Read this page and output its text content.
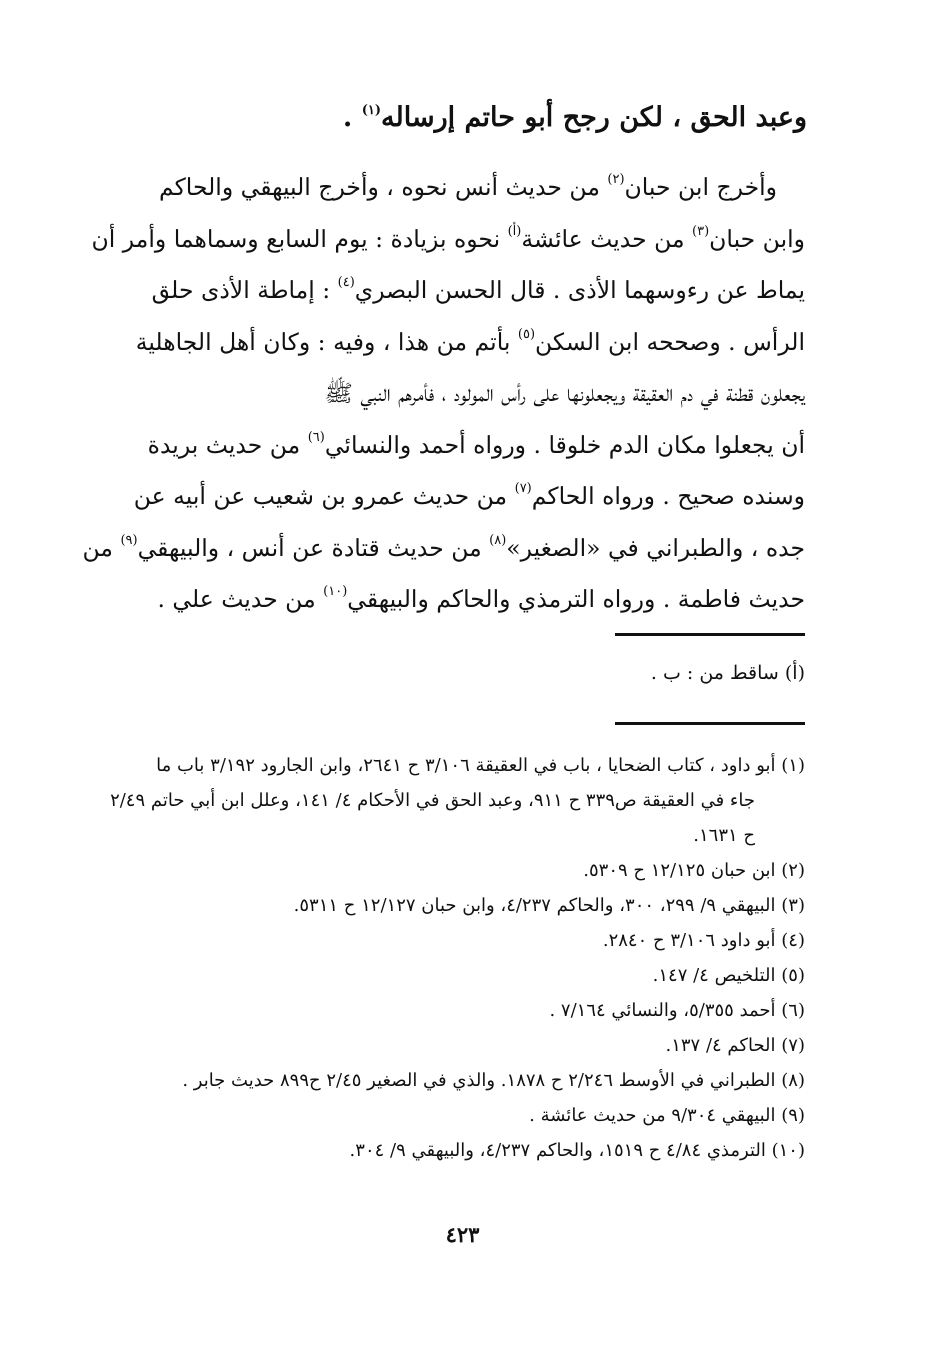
وعبد الحق ، لكن رجح أبو حاتم إرساله$^{(١)}$ .
وأخرج ابن حبان$^{(٢)}$ من حديث أنس نحوه ، وأخرج البيهقي والحاكم
وابن حبان$^{(٣)}$ من حديث عائشة$^{(أ)}$ نحوه بزيادة : يوم السابع وسماهما وأمر أن
يماط عن رءوسهما الأذى . قال الحسن البصري$^{(٤)}$ : إماطة الأذى حلق
الرأس . وصححه ابن السكن$^{(٥)}$ بأتم من هذا ، وفيه : وكان أهل الجاهلية
يجعلون قطنة في دم العقيقة ويجعلونها على رأس المولود ، فأمرهم النبي ﷺ
أن يجعلوا مكان الدم خلوقا . ورواه أحمد والنسائي$^{(٦)}$ من حديث بريدة
وسنده صحيح . ورواه الحاكم$^{(٧)}$ من حديث عمرو بن شعيب عن أبيه عن
جده ، والطبراني في «الصغير»$^{(٨)}$ من حديث قتادة عن أنس ، والبيهقي$^{(٩)}$ من
حديث فاطمة . ورواه الترمذي والحاكم والبيهقي$^{(١٠)}$ من حديث علي .
(أ) ساقط من : ب .
(١) أبو داود ، كتاب الضحايا ، باب في العقيقة ٣/١٠٦ ح ٢٦٤١، وابن الجارود ٣/١٩٢ باب ما
جاء في العقيقة ص٣٣٩ ح ٩١١، وعبد الحق في الأحكام ٤/ ١٤١، وعلل ابن أبي حاتم ٢/٤٩
ح ١٦٣١.
(٢) ابن حبان ١٢/١٢٥ ح ٥٣٠٩.
(٣) البيهقي ٩/ ٢٩٩، ٣٠٠، والحاكم ٤/٢٣٧، وابن حبان ١٢/١٢٧ ح ٥٣١١.
(٤) أبو داود ٣/١٠٦ ح ٢٨٤٠.
(٥) التلخيص ٤/ ١٤٧.
(٦) أحمد ٥/٣٥٥، والنسائي ٧/١٦٤ .
(٧) الحاكم ٤/ ١٣٧.
(٨) الطبراني في الأوسط ٢/٢٤٦ ح ١٨٧٨. والذي في الصغير ٢/٤٥ ح٨٩٩ حديث جابر .
(٩) البيهقي ٩/٣٠٤ من حديث عائشة .
(١٠) الترمذي ٤/٨٤ ح ١٥١٩، والحاكم ٤/٢٣٧، والبيهقي ٩/ ٣٠٤.
٤٢٣
